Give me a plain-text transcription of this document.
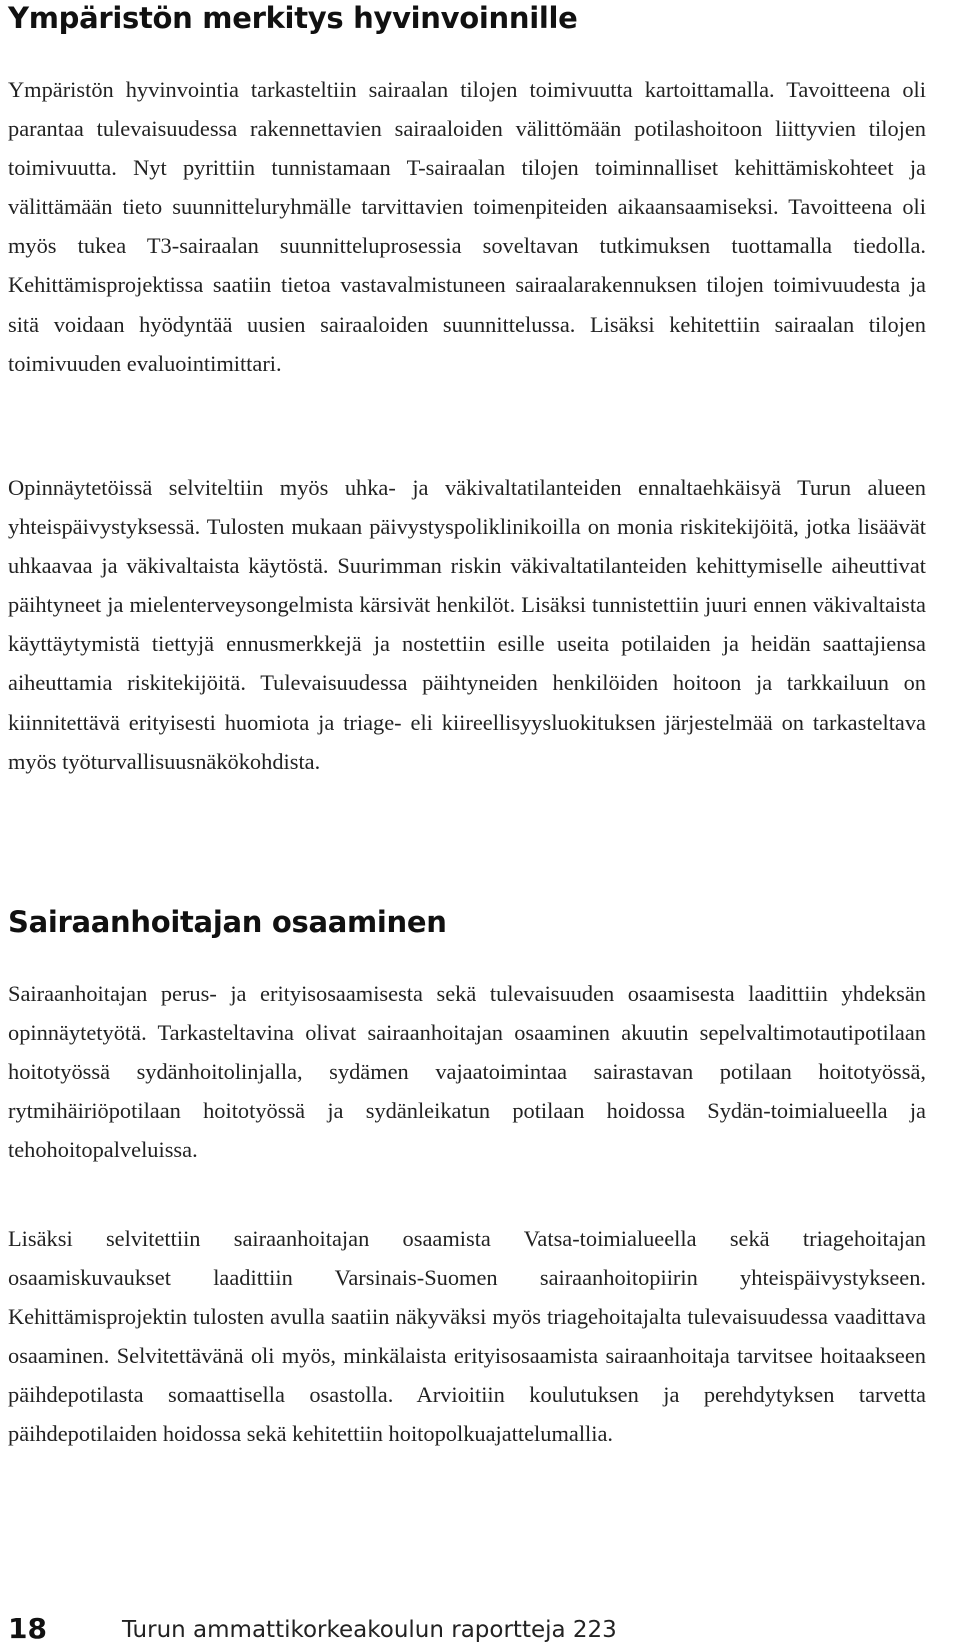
Ympäristön merkitys hyvinvoinnille

Ympäristön hyvinvointia tarkasteltiin sairaalan tilojen toimivuutta kartoittamalla. Tavoitteena oli parantaa tulevaisuudessa rakennettavien sairaaloiden välittömään potilashoitoon liittyvien tilojen toimivuutta. Nyt pyrittiin tunnistamaan T-sairaalan tilojen toiminnalliset kehittämiskohteet ja välittämään tieto suunnitteluryhmälle tarvittavien toimenpiteiden aikaansaamiseksi. Tavoitteena oli myös tukea T3-sairaalan suunnitteluprosessia soveltavan tutkimuksen tuottamalla tiedolla. Kehittämisprojektissa saatiin tietoa vastavalmistuneen sairaalarakennuksen tilojen toimivuudesta ja sitä voidaan hyödyntää uusien sairaaloiden suunnittelussa. Lisäksi kehitettiin sairaalan tilojen toimivuuden evaluointimittari.

Opinnäytetöissä selviteltiin myös uhka- ja väkivaltatilanteiden ennaltaehkäisyä Turun alueen yhteispäivystyksessä. Tulosten mukaan päivystyspoliklinikoilla on monia riskitekijöitä, jotka lisäävät uhkaavaa ja väkivaltaista käytöstä. Suurimman riskin väkivaltatilanteiden kehittymiselle aiheuttivat päihtyneet ja mielenterveysongelmista kärsivät henkilöt. Lisäksi tunnistettiin juuri ennen väkivaltaista käyttäytymistä tiettyjä ennusmerkkejä ja nostettiin esille useita potilaiden ja heidän saattajiensa aiheuttamia riskitekijöitä. Tulevaisuudessa päihtyneiden henkilöiden hoitoon ja tarkkailuun on kiinnitettävä erityisesti huomiota ja triage- eli kiireellisyysluokituksen järjestelmää on tarkasteltava myös työturvallisuusnäkökohdista.

Sairaanhoitajan osaaminen

Sairaanhoitajan perus- ja erityisosaamisesta sekä tulevaisuuden osaamisesta laadittiin yhdeksän opinnäytetyötä. Tarkasteltavina olivat sairaanhoitajan osaaminen akuutin sepelvaltimotautipotilaan hoitotyössä sydänhoitolinjalla, sydämen vajaatoimintaa sairastavan potilaan hoitotyössä, rytmihäiriöpotilaan hoitotyössä ja sydänleikatun potilaan hoidossa Sydän-toimialueella ja tehohoitopalveluissa.

Lisäksi selvitettiin sairaanhoitajan osaamista Vatsa-toimialueella sekä triagehoitajan osaamiskuvaukset laadittiin Varsinais-Suomen sairaanhoitopiirin yhteispäivystykseen. Kehittämisprojektin tulosten avulla saatiin näkyväksi myös triagehoitajalta tulevaisuudessa vaadittava osaaminen. Selvitettävänä oli myös, minkälaista erityisosaamista sairaanhoitaja tarvitsee hoitaakseen päihdepotilasta somaattisella osastolla. Arvioitiin koulutuksen ja perehdytyksen tarvetta päihdepotilaiden hoidossa sekä kehitettiin hoitopolkuajattelumallia.

18	Turun ammattikorkeakoulun raportteja 223
